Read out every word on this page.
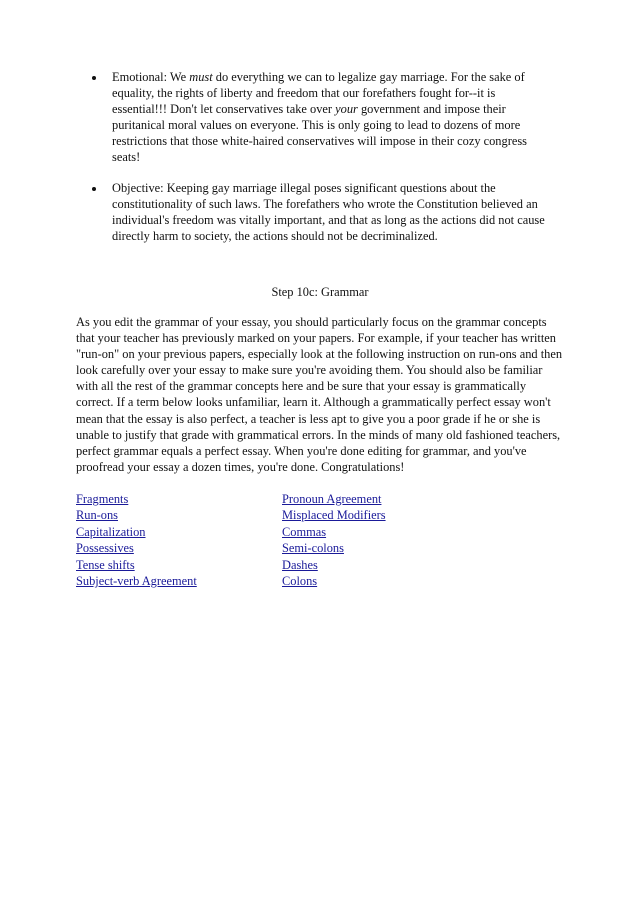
Emotional: We must do everything we can to legalize gay marriage. For the sake of equality, the rights of liberty and freedom that our forefathers fought for--it is essential!!! Don't let conservatives take over your government and impose their puritanical moral values on everyone. This is only going to lead to dozens of more restrictions that those white-haired conservatives will impose in their cozy congress seats!
Objective: Keeping gay marriage illegal poses significant questions about the constitutionality of such laws. The forefathers who wrote the Constitution believed an individual's freedom was vitally important, and that as long as the actions did not cause directly harm to society, the actions should not be decriminalized.
Step 10c: Grammar

As you edit the grammar of your essay, you should particularly focus on the grammar concepts that your teacher has previously marked on your papers. For example, if your teacher has written "run-on" on your previous papers, especially look at the following instruction on run-ons and then look carefully over your essay to make sure you're avoiding them. You should also be familiar with all the rest of the grammar concepts here and be sure that your essay is grammatically correct. If a term below looks unfamiliar, learn it. Although a grammatically perfect essay won't mean that the essay is also perfect, a teacher is less apt to give you a poor grade if he or she is unable to justify that grade with grammatical errors. In the minds of many old fashioned teachers, perfect grammar equals a perfect essay. When you're done editing for grammar, and you've proofread your essay a dozen times, you're done. Congratulations!

Fragments
Run-ons
Capitalization
Possessives
Tense shifts
Subject-verb Agreement
Pronoun Agreement
Misplaced Modifiers
Commas
Semi-colons
Dashes
Colons
